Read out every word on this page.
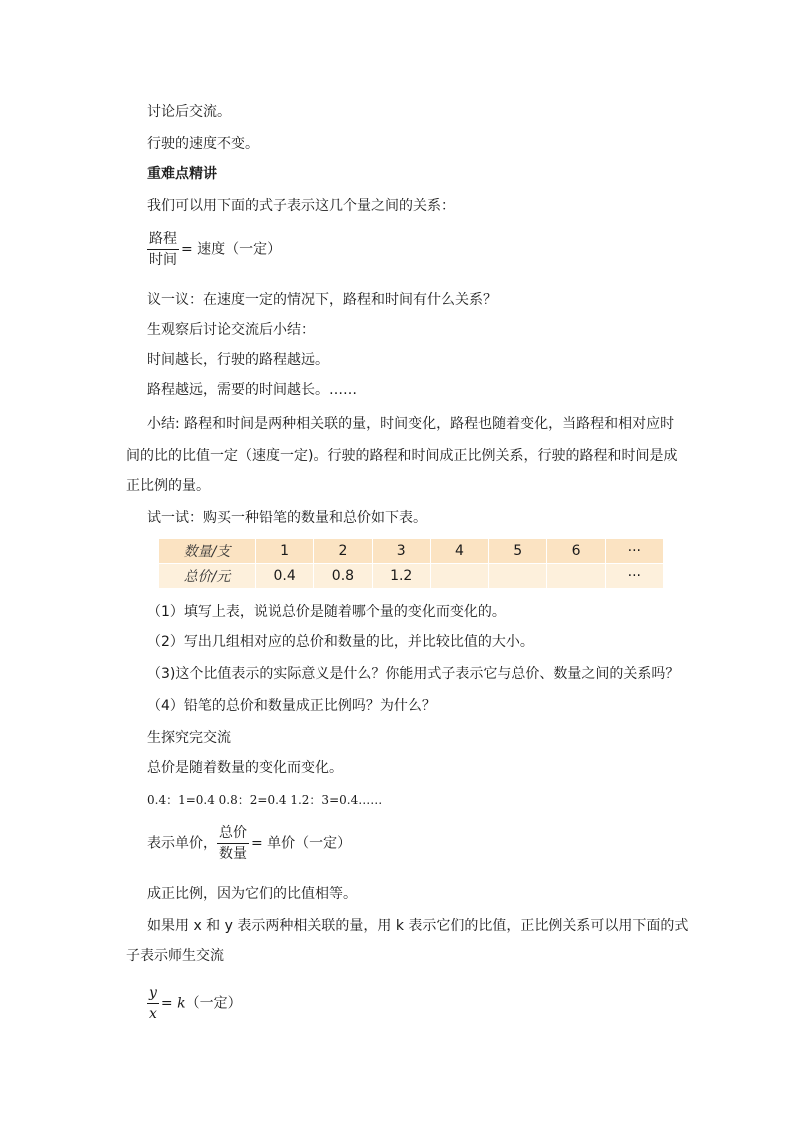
讨论后交流。
行驶的速度不变。
重难点精讲
我们可以用下面的式子表示这几个量之间的关系：
$\frac{\text{路程}}{\text{时间}}$ = 速度（一定）
议一议：在速度一定的情况下，路程和时间有什么关系？
生观察后讨论交流后小结：
时间越长，行驶的路程越远。
路程越远，需要的时间越长。……
小结: 路程和时间是两种相关联的量，时间变化，路程也随着变化，当路程和相对应时
间的比的比值一定（速度一定)。行驶的路程和时间成正比例关系，行驶的路程和时间是成
正比例的量。
试一试：购买一种铅笔的数量和总价如下表。
数量/支	1	2	3	4	5	6	···
总价/元	0.4	0.8	1.2				···
（1）填写上表，说说总价是随着哪个量的变化而变化的。
（2）写出几组相对应的总价和数量的比，并比较比值的大小。
（3)这个比值表示的实际意义是什么？你能用式子表示它与总价、数量之间的关系吗？
（4）铅笔的总价和数量成正比例吗？为什么？
生探究完交流
总价是随着数量的变化而变化。
0.4：1=0.4 0.8：2=0.4 1.2：3=0.4……
表示单价， $\frac{\text{总价}}{\text{数量}}$ = 单价（一定）
成正比例，因为它们的比值相等。
如果用 x 和 y 表示两种相关联的量，用 k 表示它们的比值，正比例关系可以用下面的式
子表示师生交流
$\frac{y}{x} = k$（一定）
